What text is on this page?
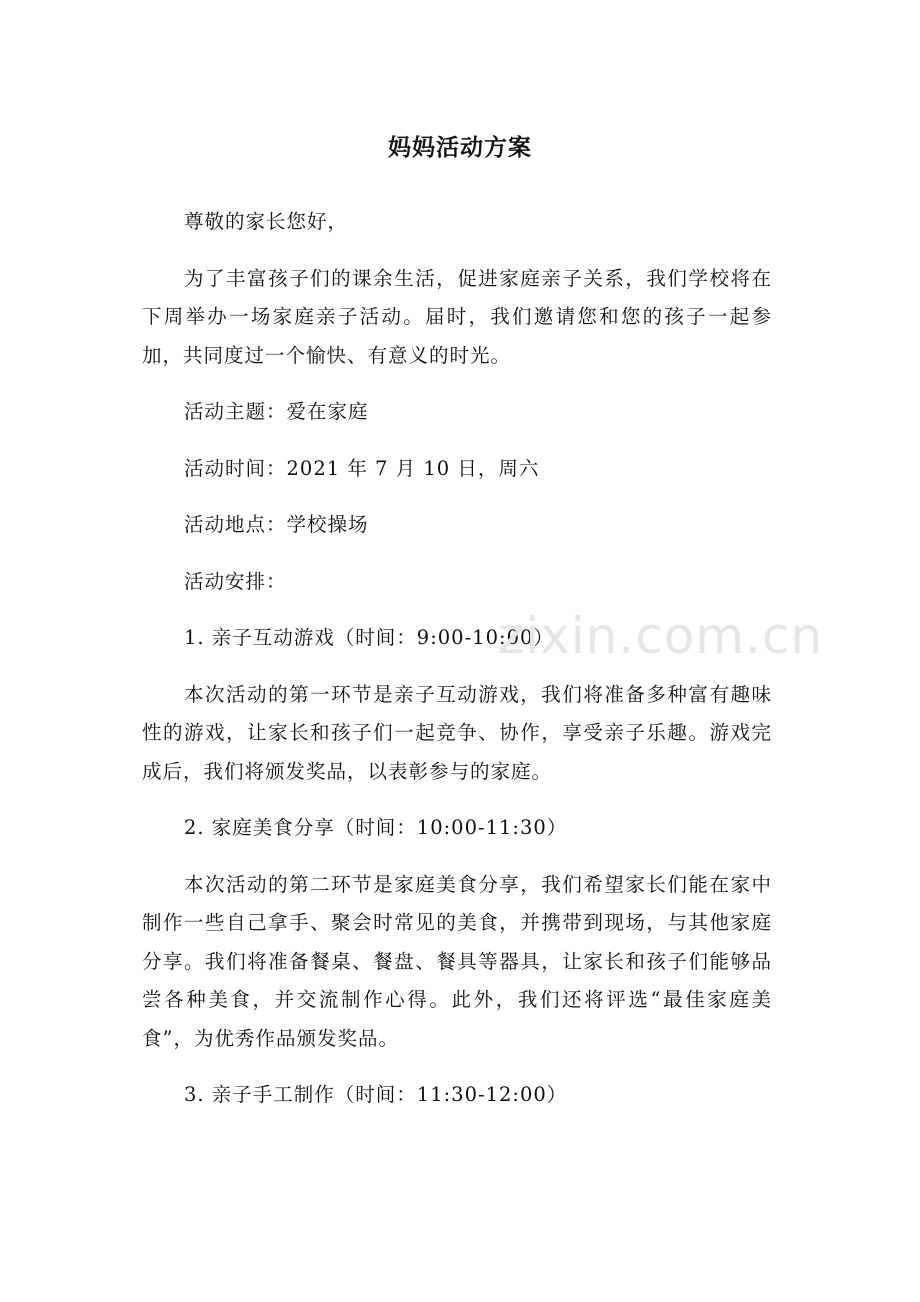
妈妈活动方案

尊敬的家长您好，

为了丰富孩子们的课余生活，促进家庭亲子关系，我们学校将在下周举办一场家庭亲子活动。届时，我们邀请您和您的孩子一起参加，共同度过一个愉快、有意义的时光。

活动主题：爱在家庭

活动时间：2021 年 7 月 10 日，周六

活动地点：学校操场

活动安排：

1. 亲子互动游戏（时间：9:00-10:00）

本次活动的第一环节是亲子互动游戏，我们将准备多种富有趣味性的游戏，让家长和孩子们一起竞争、协作，享受亲子乐趣。游戏完成后，我们将颁发奖品，以表彰参与的家庭。

2. 家庭美食分享（时间：10:00-11:30）

本次活动的第二环节是家庭美食分享，我们希望家长们能在家中制作一些自己拿手、聚会时常见的美食，并携带到现场，与其他家庭分享。我们将准备餐桌、餐盘、餐具等器具，让家长和孩子们能够品尝各种美食，并交流制作心得。此外，我们还将评选“最佳家庭美食”，为优秀作品颁发奖品。

3. 亲子手工制作（时间：11:30-12:00）

zixin.com.cn
